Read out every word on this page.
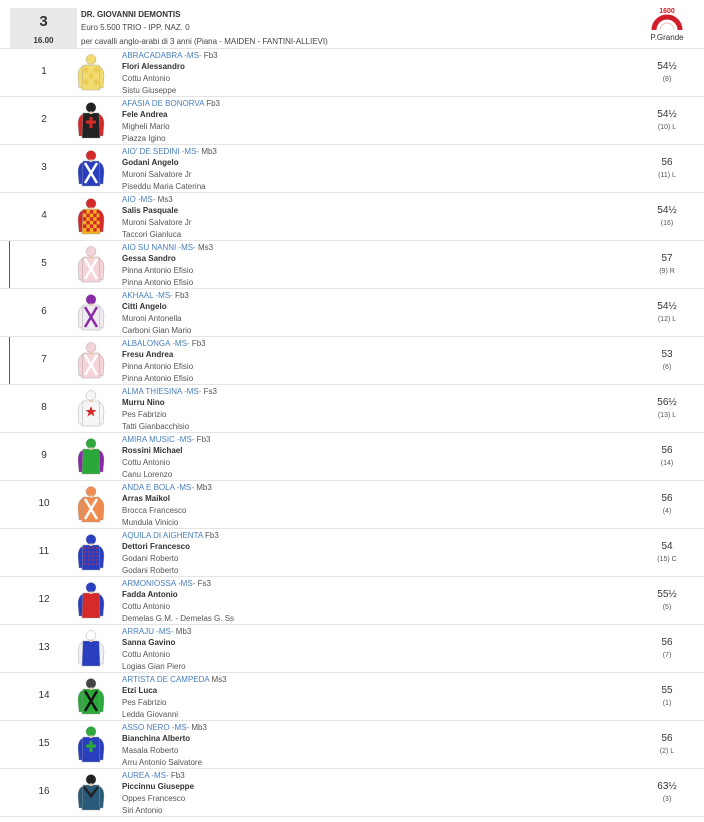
3
16.00
DR. GIOVANNI DEMONTIS
Euro 5.500 TRIO - IPP. NAZ. 0
per cavalli anglo-arabi di 3 anni (Piana - MAIDEN - FANTINI-ALLIEVI)
1600
P.Grande
1
ABRACADABRA -MS- Fb3
Flori Alessandro
Cottu Antonio
Sistu Giuseppe
54½
(8)
2
AFASIA DE BONORVA Fb3
Fele Andrea
Migheli Mario
Piazza Igino
54½
(10) L
3
AIO' DE SEDINI -MS- Mb3
Godani Angelo
Muroni Salvatore Jr
Piseddu Maria Caterina
56
(11) L
4
AIO -MS- Ms3
Salis Pasquale
Muroni Salvatore Jr
Taccori Gianluca
54½
(16)
5
AIO SU NANNI -MS- Ms3
Gessa Sandro
Pinna Antonio Efisio
Pinna Antonio Efisio
57
(9) R
6
AKHAAL -MS- Fb3
Citti Angelo
Muroni Antonella
Carboni Gian Mario
54½
(12) L
7
ALBALONGA -MS- Fb3
Fresu Andrea
Pinna Antonio Efisio
Pinna Antonio Efisio
53
(6)
8
ALMA THIESINA -MS- Fs3
Murru Nino
Pes Fabrizio
Tatti Gianbacchisio
56½
(13) L
9
AMIRA MUSIC -MS- Fb3
Rossini Michael
Cottu Antonio
Canu Lorenzo
56
(14)
10
ANDA E BOLA -MS- Mb3
Arras Maikol
Brocca Francesco
Mundula Vinicio
56
(4)
11
AQUILA DI AIGHENTA Fb3
Dettori Francesco
Godani Roberto
Godani Roberto
54
(15) C
12
ARMONIOSSA -MS- Fs3
Fadda Antonio
Cottu Antonio
Demelas G.M. - Demelas G. Ss
55½
(5)
13
ARRAJU -MS- Mb3
Sanna Gavino
Cottu Antonio
Logias Gian Piero
56
(7)
14
ARTISTA DE CAMPEDA Ms3
Etzi Luca
Pes Fabrizio
Ledda Giovanni
55
(1)
15
ASSO NERO -MS- Mb3
Bianchina Alberto
Masala Roberto
Arru Antonio Salvatore
56
(2) L
16
AUREA -MS- Fb3
Piccinnu Giuseppe
Oppes Francesco
Siri Antonio
63½
(3)
